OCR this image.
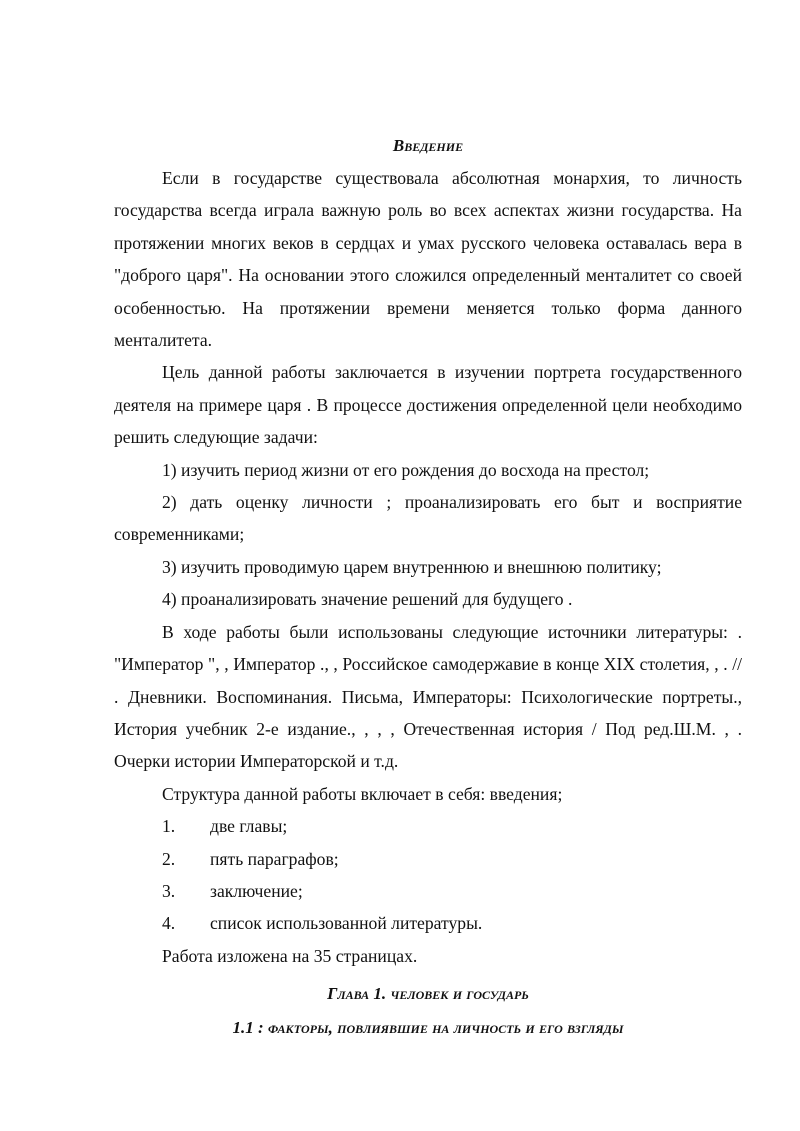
Введение

Если в государстве существовала абсолютная монархия, то личность государства всегда играла важную роль во всех аспектах жизни государства. На протяжении многих веков в сердцах и умах русского человека оставалась вера в "доброго царя". На основании этого сложился определенный менталитет со своей особенностью. На протяжении времени меняется только форма данного менталитета.

Цель данной работы заключается в изучении портрета государственного деятеля на примере царя . В процессе достижения определенной цели необходимо решить следующие задачи:

1) изучить период жизни от его рождения до восхода на престол;

2) дать оценку личности ; проанализировать его быт и восприятие современниками;

3) изучить проводимую царем внутреннюю и внешнюю политику;

4) проанализировать значение решений для будущего .

В ходе работы были использованы следующие источники литературы: . "Император ", , Император ., , Российское самодержавие в конце XIX столетия, , . // . Дневники. Воспоминания. Письма, Императоры: Психологические портреты., История учебник 2-е издание., , , , Отечественная история / Под ред.Ш.М. , . Очерки истории Императорской и т.д.

Структура данной работы включает в себя: введения;

1.	две главы;
2.	пять параграфов;
3.	заключение;
4.	список использованной литературы.

Работа изложена на 35 страницах.

Глава 1. человек и государь
1.1 : факторы, повлиявшие на личность и его взгляды
